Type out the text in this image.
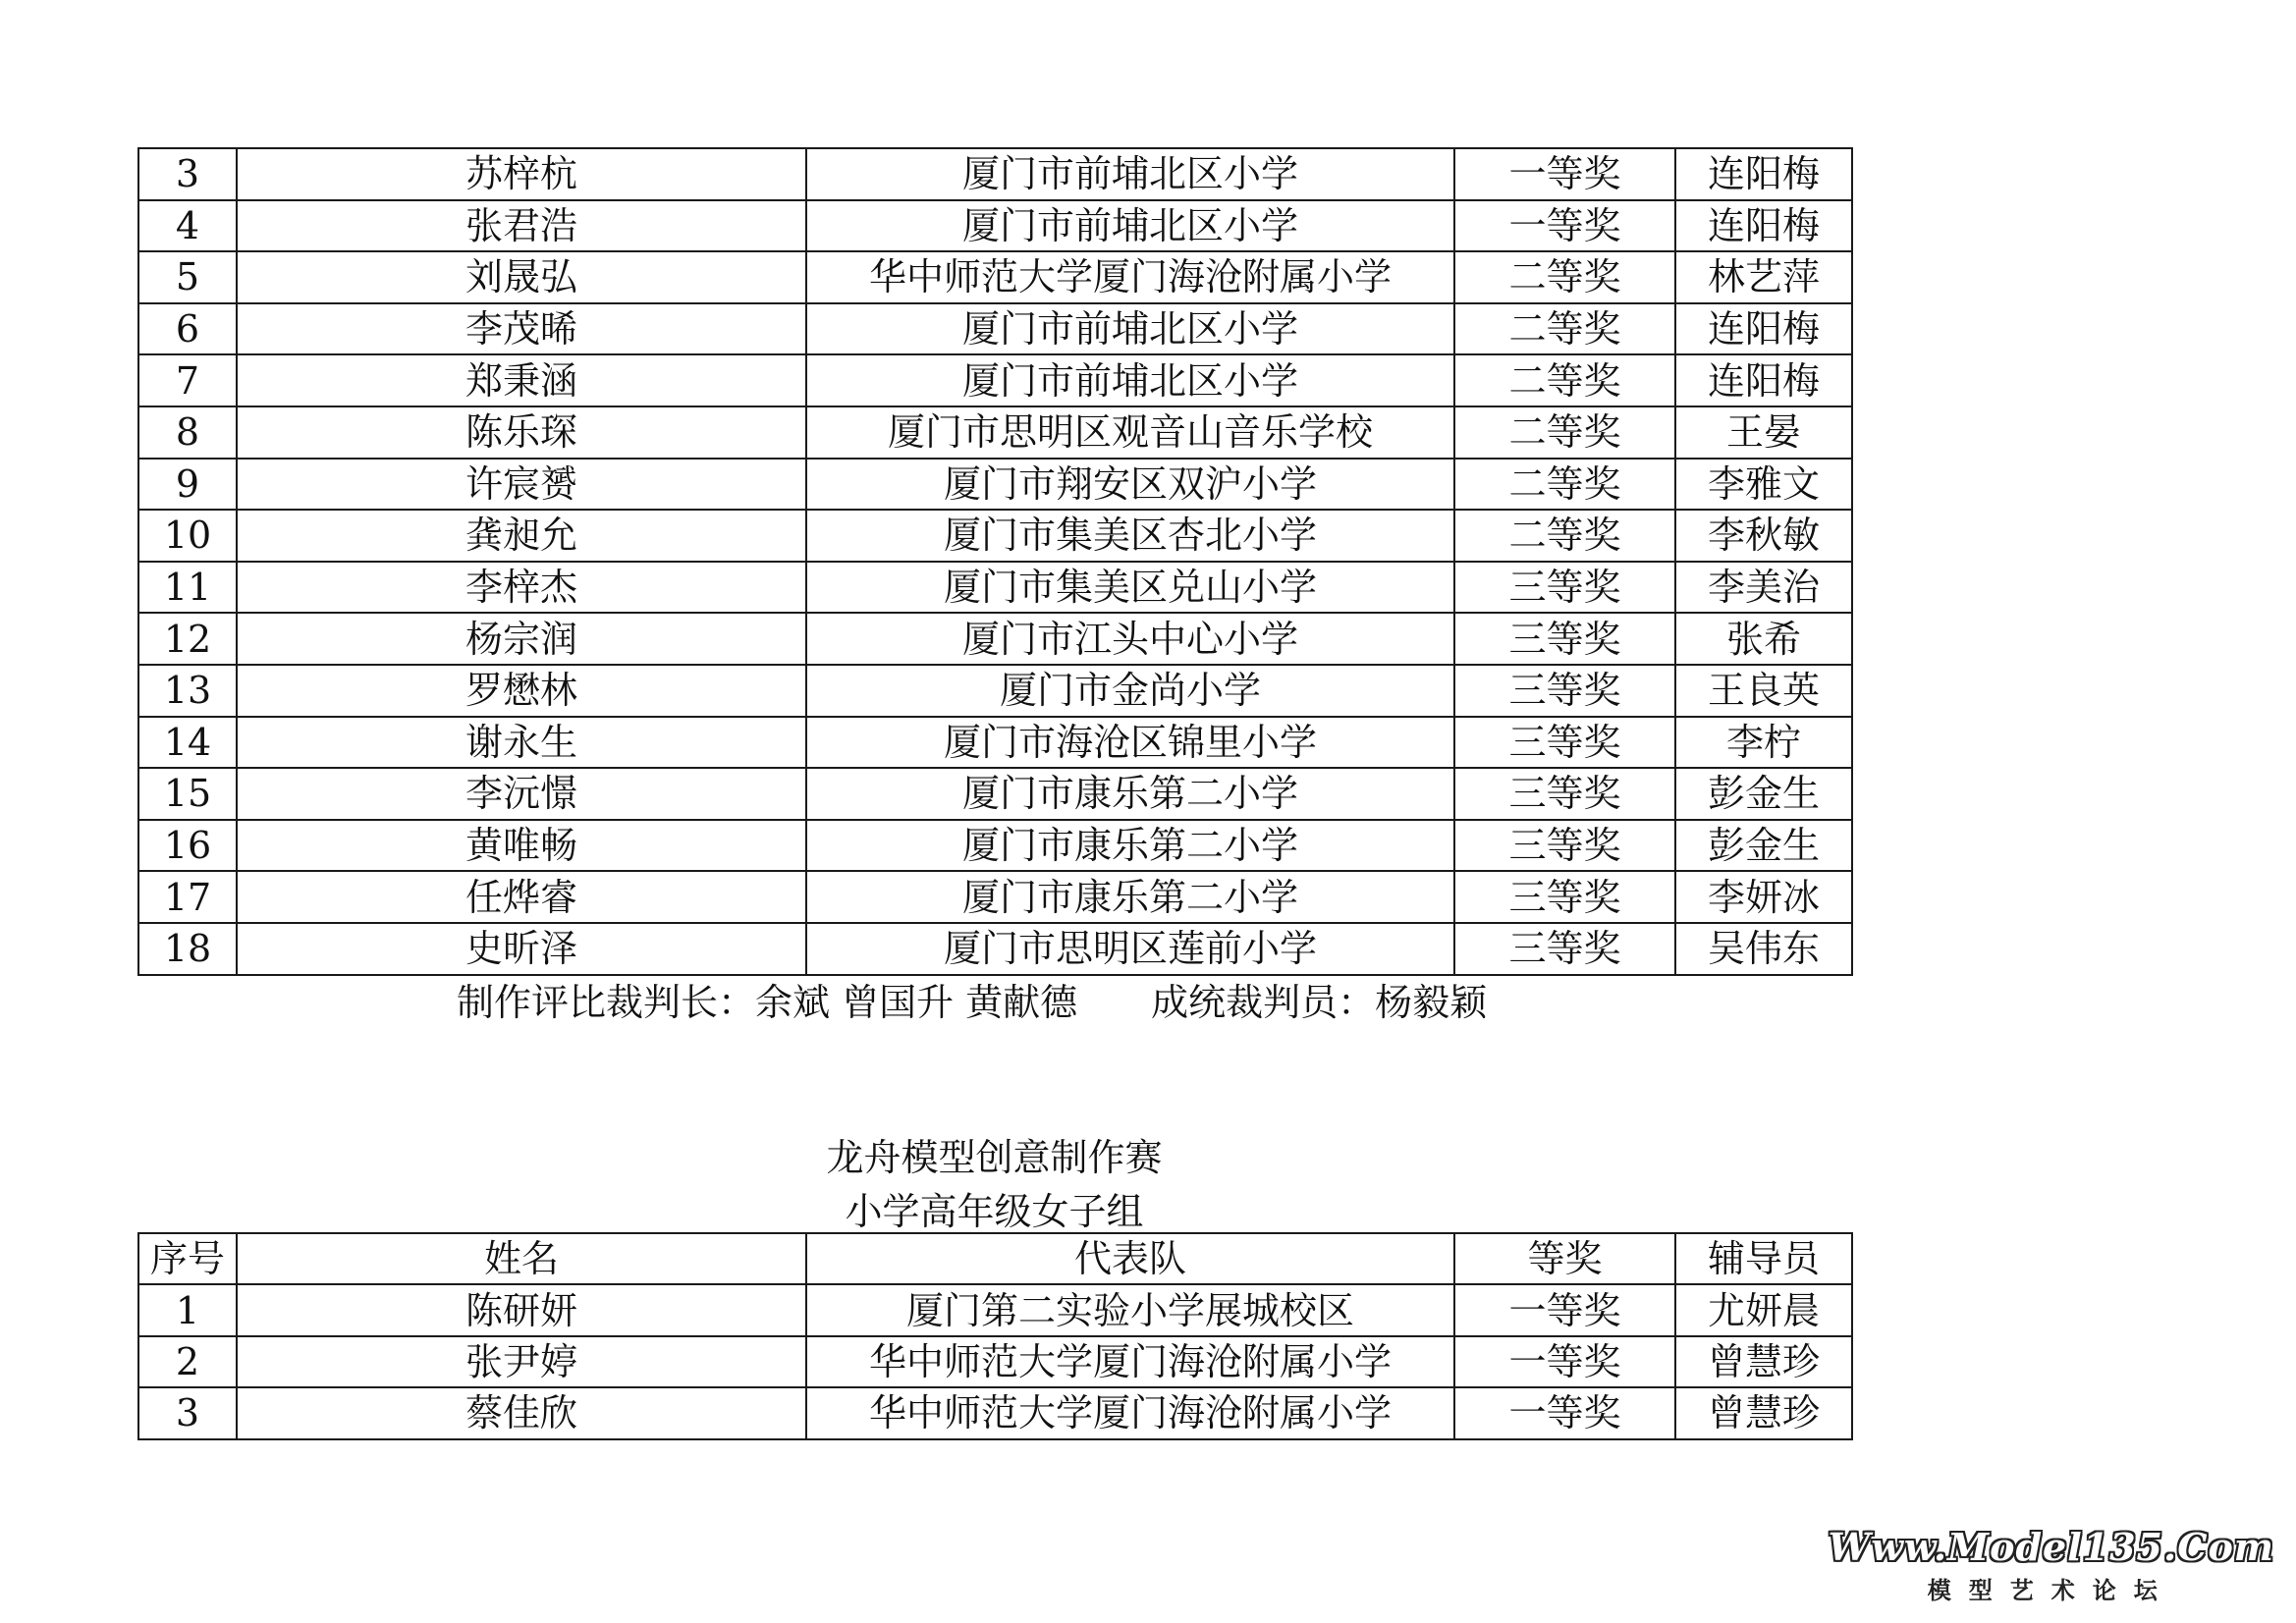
3	苏梓杭	厦门市前埔北区小学	一等奖	连阳梅
4	张君浩	厦门市前埔北区小学	一等奖	连阳梅
5	刘晟弘	华中师范大学厦门海沧附属小学	二等奖	林艺萍
6	李茂晞	厦门市前埔北区小学	二等奖	连阳梅
7	郑秉涵	厦门市前埔北区小学	二等奖	连阳梅
8	陈乐琛	厦门市思明区观音山音乐学校	二等奖	王晏
9	许宸赟	厦门市翔安区双沪小学	二等奖	李雅文
10	龚昶允	厦门市集美区杏北小学	二等奖	李秋敏
11	李梓杰	厦门市集美区兑山小学	三等奖	李美治
12	杨宗润	厦门市江头中心小学	三等奖	张希
13	罗懋林	厦门市金尚小学	三等奖	王良英
14	谢永生	厦门市海沧区锦里小学	三等奖	李柠
15	李沅憬	厦门市康乐第二小学	三等奖	彭金生
16	黄唯畅	厦门市康乐第二小学	三等奖	彭金生
17	任烨睿	厦门市康乐第二小学	三等奖	李妍冰
18	史昕泽	厦门市思明区莲前小学	三等奖	吴伟东
制作评比裁判长：余斌 曾国升 黄献德 成统裁判员：杨毅颖
龙舟模型创意制作赛
小学高年级女子组
序号	姓名	代表队	等奖	辅导员
1	陈研妍	厦门第二实验小学展城校区	一等奖	尤妍晨
2	张尹婷	华中师范大学厦门海沧附属小学	一等奖	曾慧珍
3	蔡佳欣	华中师范大学厦门海沧附属小学	一等奖	曾慧珍
Www.Model135.Com
模型艺术论坛
